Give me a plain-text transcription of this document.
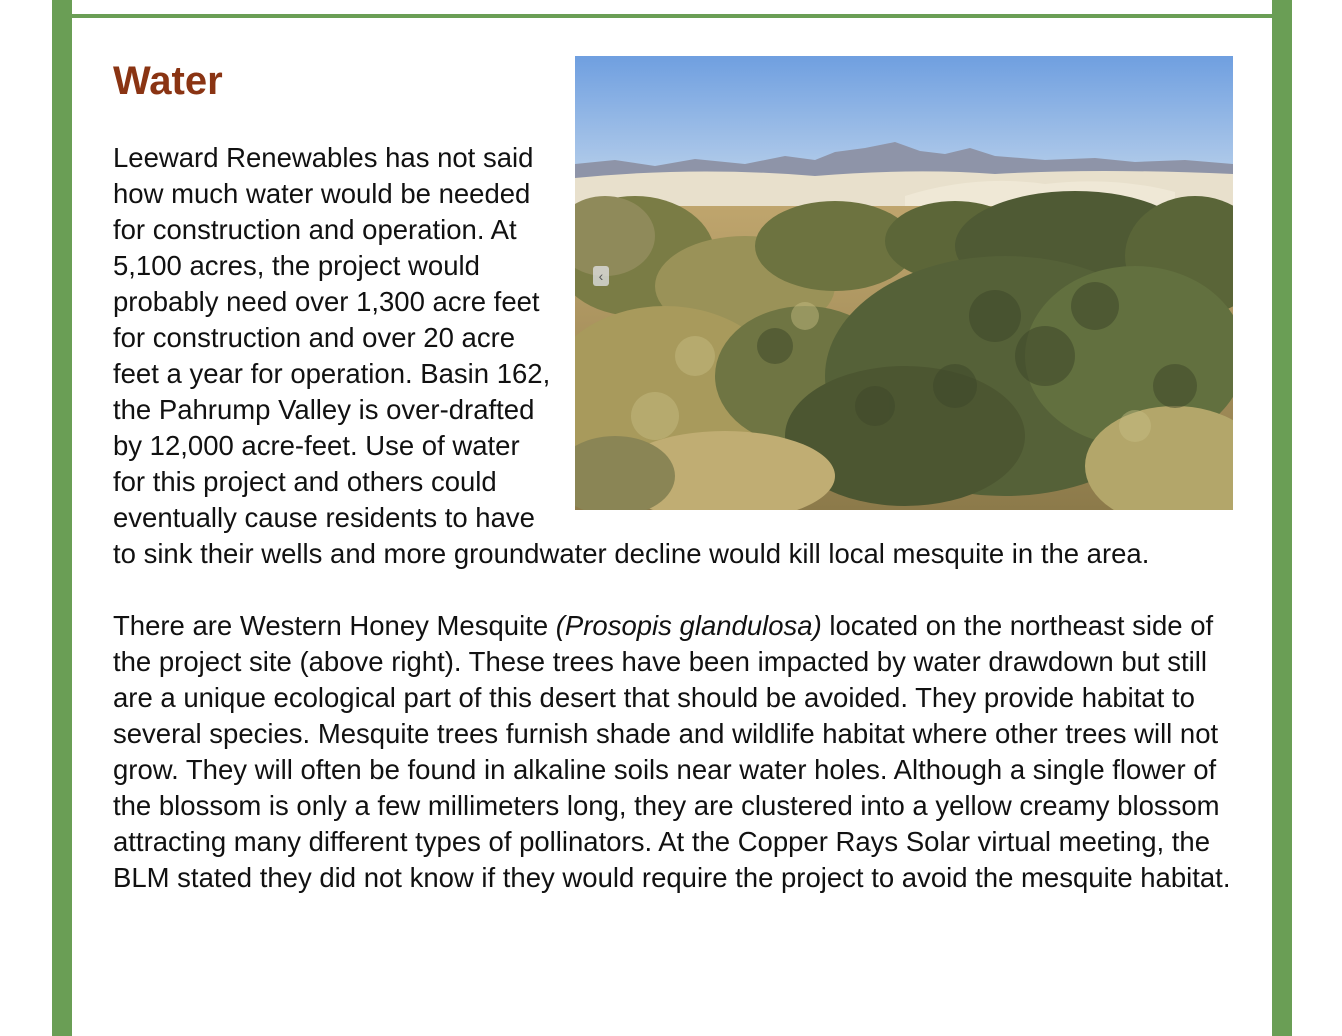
‹
Water

Leeward Renewables has not said how much water would be needed for construction and operation. At 5,100 acres, the project would probably need over 1,300 acre feet for construction and over 20 acre feet a year for operation. Basin 162, the Pahrump Valley is over-drafted by 12,000 acre-feet. Use of water for this project and others could eventually cause residents to have to sink their wells and more groundwater decline would kill local mesquite in the area.

There are Western Honey Mesquite (Prosopis glandulosa) located on the northeast side of the project site (above right). These trees have been impacted by water drawdown but still are a unique ecological part of this desert that should be avoided. They provide habitat to several species. Mesquite trees furnish shade and wildlife habitat where other trees will not grow. They will often be found in alkaline soils near water holes. Although a single flower of the blossom is only a few millimeters long, they are clustered into a yellow creamy blossom attracting many different types of pollinators. At the Copper Rays Solar virtual meeting, the BLM stated they did not know if they would require the project to avoid the mesquite habitat.
